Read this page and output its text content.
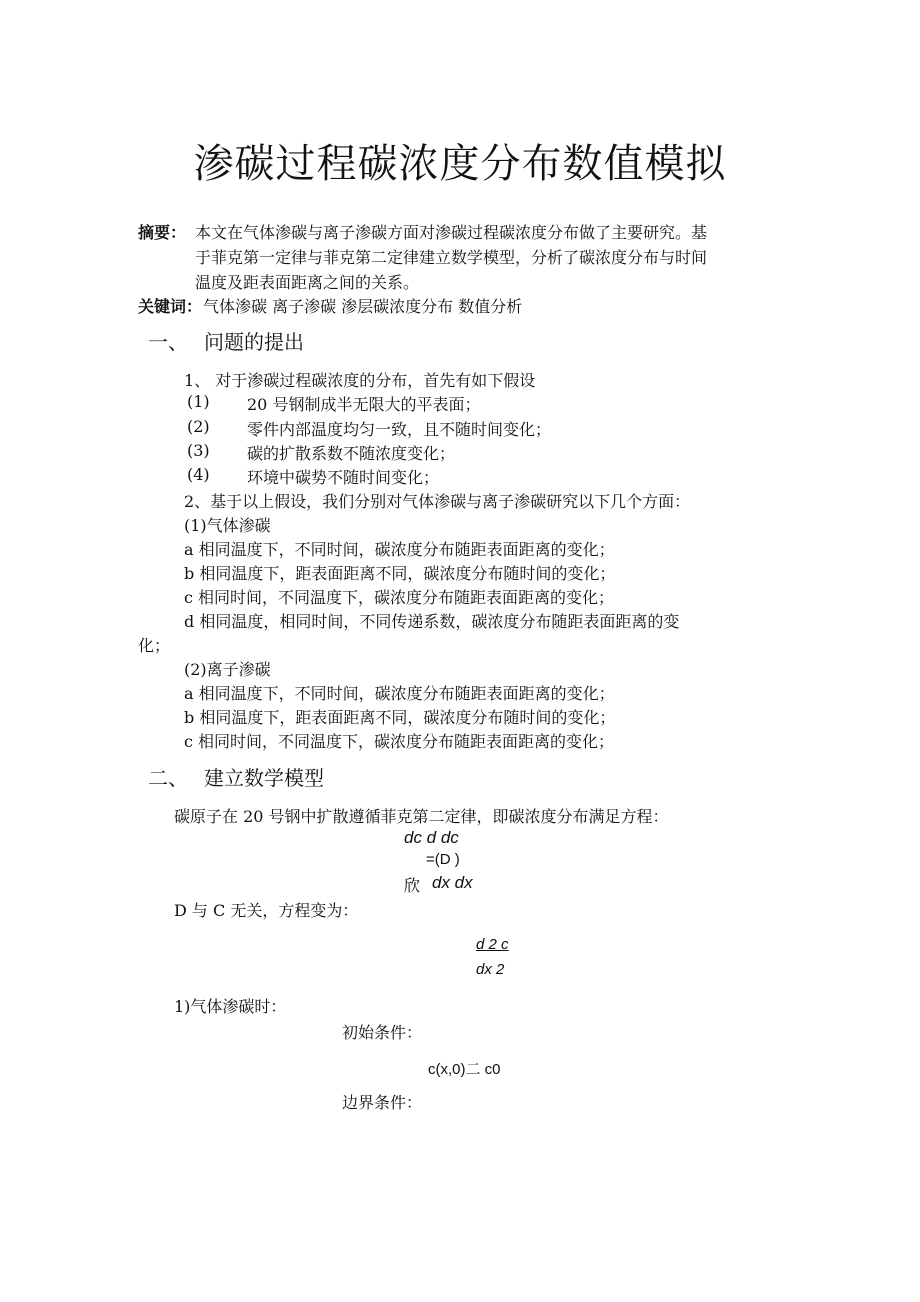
渗碳过程碳浓度分布数值模拟
摘要： 本文在气体渗碳与离子渗碳方面对渗碳过程碳浓度分布做了主要研究。基
于菲克第一定律与菲克第二定律建立数学模型，分析了碳浓度分布与时间
温度及距表面距离之间的关系。
关键词： 气体渗碳 离子渗碳 渗层碳浓度分布 数值分析
一、 问题的提出
1、 对于渗碳过程碳浓度的分布，首先有如下假设
(1) 20 号钢制成半无限大的平表面；
(2) 零件内部温度均匀一致，且不随时间变化；
(3) 碳的扩散系数不随浓度变化；
(4) 环境中碳势不随时间变化；
2、基于以上假设，我们分别对气体渗碳与离子渗碳研究以下几个方面：
(1)气体渗碳
a 相同温度下，不同时间，碳浓度分布随距表面距离的变化；
b 相同温度下，距表面距离不同，碳浓度分布随时间的变化；
c 相同时间，不同温度下，碳浓度分布随距表面距离的变化；
d 相同温度，相同时间，不同传递系数，碳浓度分布随距表面距离的变
化；
(2)离子渗碳
a 相同温度下，不同时间，碳浓度分布随距表面距离的变化；
b 相同温度下，距表面距离不同，碳浓度分布随时间的变化；
c 相同时间，不同温度下，碳浓度分布随距表面距离的变化；
二、 建立数学模型
碳原子在 20 号钢中扩散遵循菲克第二定律，即碳浓度分布满足方程：
dc d dc
=(D )
欣 dx dx
D 与 C 无关，方程变为：
d 2 c
dx 2
1)气体渗碳时：
初始条件：
c(x,0)二 c0
边界条件：
